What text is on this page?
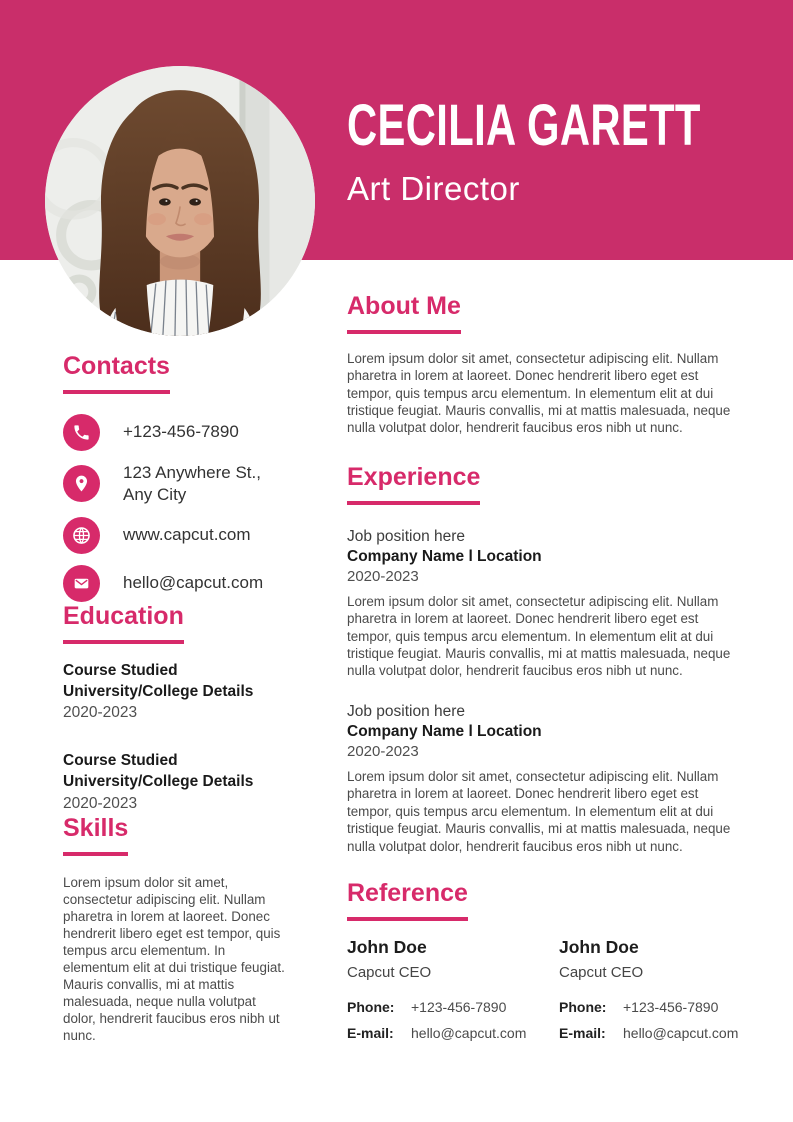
CECILIA GARETT
Art Director
Contacts
+123-456-7890
123 Anywhere St., Any City
www.capcut.com
hello@capcut.com
Education
Course Studied
University/College Details
2020-2023
Course Studied
University/College Details
2020-2023
Skills

Lorem ipsum dolor sit amet, consectetur adipiscing elit. Nullam pharetra in lorem at laoreet. Donec hendrerit libero eget est tempor, quis tempus arcu elementum. In elementum elit at dui tristique feugiat. Mauris convallis, mi at mattis malesuada, neque nulla volutpat dolor, hendrerit faucibus eros nibh ut nunc.

About Me

Lorem ipsum dolor sit amet, consectetur adipiscing elit. Nullam pharetra in lorem at laoreet. Donec hendrerit libero eget est tempor, quis tempus arcu elementum. In elementum elit at dui tristique feugiat. Mauris convallis, mi at mattis malesuada, neque nulla volutpat dolor, hendrerit faucibus eros nibh ut nunc.

Experience
Job position here
Company Name l Location
2020-2023

Lorem ipsum dolor sit amet, consectetur adipiscing elit. Nullam pharetra in lorem at laoreet. Donec hendrerit libero eget est tempor, quis tempus arcu elementum. In elementum elit at dui tristique feugiat. Mauris convallis, mi at mattis malesuada, neque nulla volutpat dolor, hendrerit faucibus eros nibh ut nunc.

Job position here
Company Name l Location
2020-2023

Lorem ipsum dolor sit amet, consectetur adipiscing elit. Nullam pharetra in lorem at laoreet. Donec hendrerit libero eget est tempor, quis tempus arcu elementum. In elementum elit at dui tristique feugiat. Mauris convallis, mi at mattis malesuada, neque nulla volutpat dolor, hendrerit faucibus eros nibh ut nunc.

Reference
John Doe
Capcut CEO
Phone:	+123-456-7890
E-mail:	hello@capcut.com
John Doe
Capcut CEO
Phone:	+123-456-7890
E-mail:	hello@capcut.com
